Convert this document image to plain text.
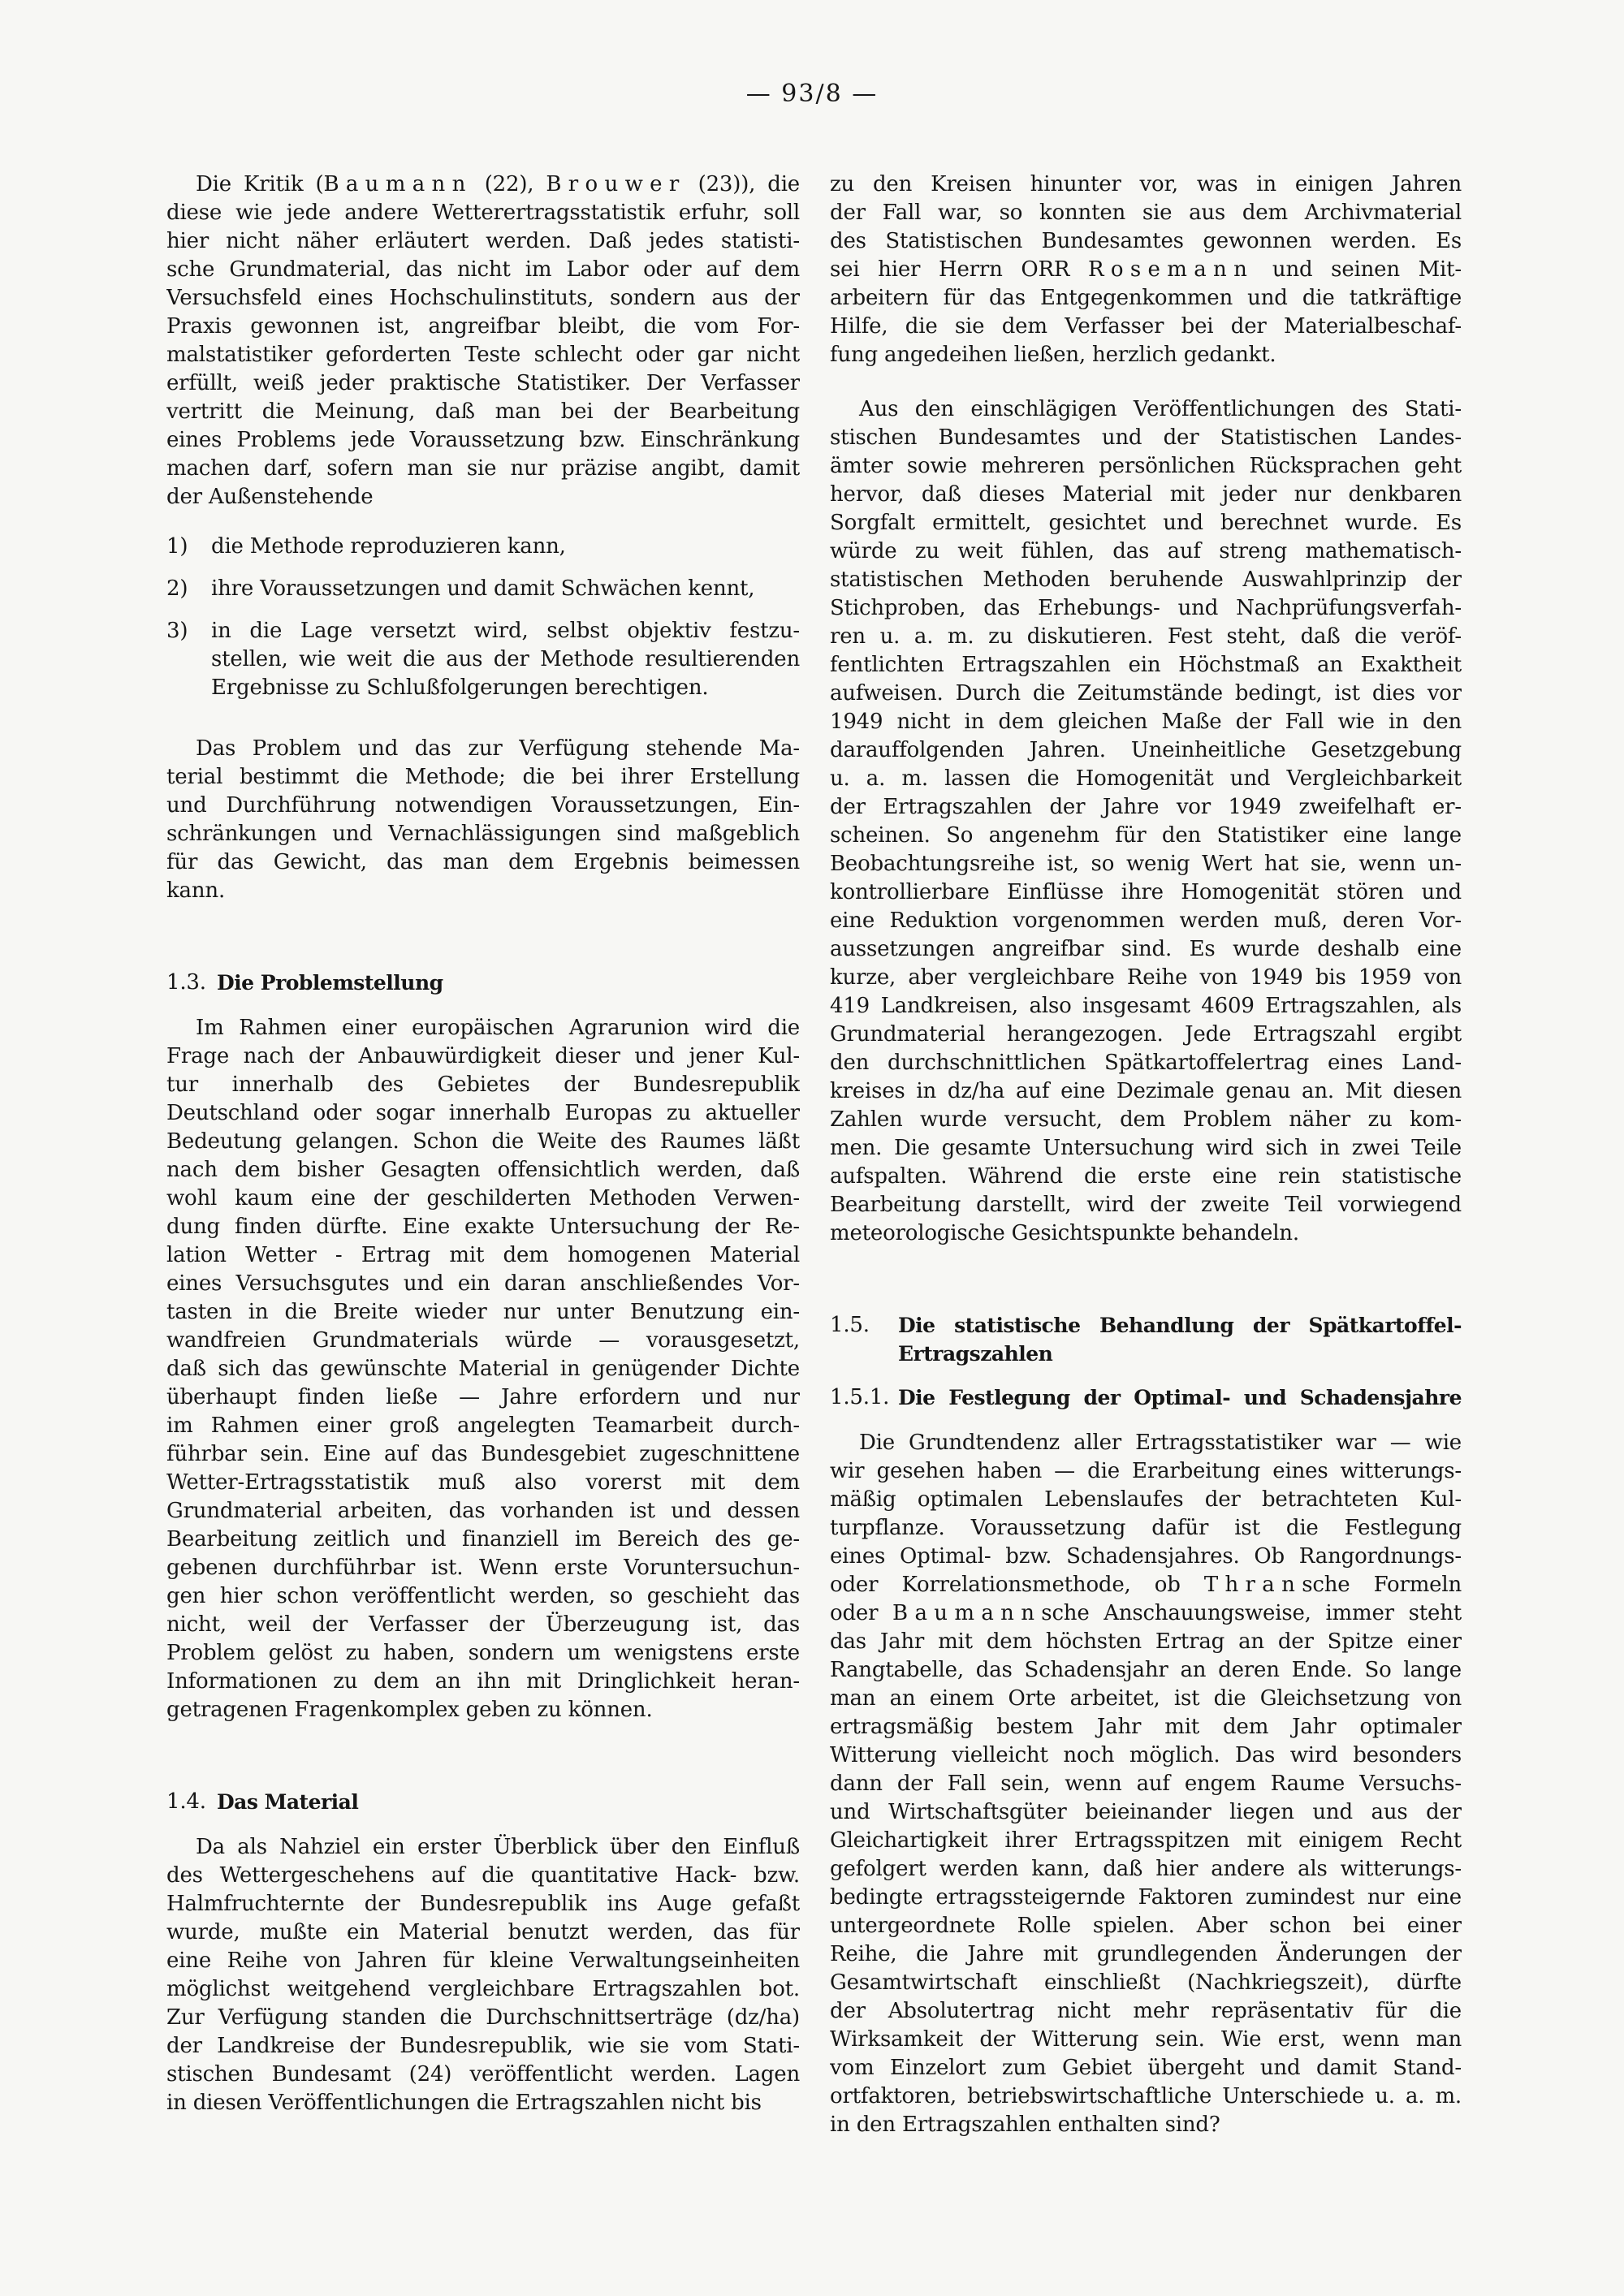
— 93/8 —
Die Kritik (Baumann (22), Brouwer (23)), die
diese wie jede andere Wetterertragsstatistik erfuhr, soll
hier nicht näher erläutert werden. Daß jedes statisti-
sche Grundmaterial, das nicht im Labor oder auf dem
Versuchsfeld eines Hochschulinstituts, sondern aus der
Praxis gewonnen ist, angreifbar bleibt, die vom For-
malstatistiker geforderten Teste schlecht oder gar nicht
erfüllt, weiß jeder praktische Statistiker. Der Verfasser
vertritt die Meinung, daß man bei der Bearbeitung
eines Problems jede Voraussetzung bzw. Einschränkung
machen darf, sofern man sie nur präzise angibt, damit
der Außenstehende
1)	die Methode reproduzieren kann,
2)	ihre Voraussetzungen und damit Schwächen kennt,
3)	in die Lage versetzt wird, selbst objektiv festzu-
stellen, wie weit die aus der Methode resultierenden
Ergebnisse zu Schlußfolgerungen berechtigen.
Das Problem und das zur Verfügung stehende Ma-
terial bestimmt die Methode; die bei ihrer Erstellung
und Durchführung notwendigen Voraussetzungen, Ein-
schränkungen und Vernachlässigungen sind maßgeblich
für das Gewicht, das man dem Ergebnis beimessen
kann.
1.3. Die Problemstellung
Im Rahmen einer europäischen Agrarunion wird die
Frage nach der Anbauwürdigkeit dieser und jener Kul-
tur innerhalb des Gebietes der Bundesrepublik
Deutschland oder sogar innerhalb Europas zu aktueller
Bedeutung gelangen. Schon die Weite des Raumes läßt
nach dem bisher Gesagten offensichtlich werden, daß
wohl kaum eine der geschilderten Methoden Verwen-
dung finden dürfte. Eine exakte Untersuchung der Re-
lation Wetter - Ertrag mit dem homogenen Material
eines Versuchsgutes und ein daran anschließendes Vor-
tasten in die Breite wieder nur unter Benutzung ein-
wandfreien Grundmaterials würde — vorausgesetzt,
daß sich das gewünschte Material in genügender Dichte
überhaupt finden ließe — Jahre erfordern und nur
im Rahmen einer groß angelegten Teamarbeit durch-
führbar sein. Eine auf das Bundesgebiet zugeschnittene
Wetter-Ertragsstatistik muß also vorerst mit dem
Grundmaterial arbeiten, das vorhanden ist und dessen
Bearbeitung zeitlich und finanziell im Bereich des ge-
gebenen durchführbar ist. Wenn erste Voruntersuchun-
gen hier schon veröffentlicht werden, so geschieht das
nicht, weil der Verfasser der Überzeugung ist, das
Problem gelöst zu haben, sondern um wenigstens erste
Informationen zu dem an ihn mit Dringlichkeit heran-
getragenen Fragenkomplex geben zu können.
1.4. Das Material
Da als Nahziel ein erster Überblick über den Einfluß
des Wettergeschehens auf die quantitative Hack- bzw.
Halmfruchternte der Bundesrepublik ins Auge gefaßt
wurde, mußte ein Material benutzt werden, das für
eine Reihe von Jahren für kleine Verwaltungseinheiten
möglichst weitgehend vergleichbare Ertragszahlen bot.
Zur Verfügung standen die Durchschnittserträge (dz/ha)
der Landkreise der Bundesrepublik, wie sie vom Stati-
stischen Bundesamt (24) veröffentlicht werden. Lagen
in diesen Veröffentlichungen die Ertragszahlen nicht bis
zu den Kreisen hinunter vor, was in einigen Jahren
der Fall war, so konnten sie aus dem Archivmaterial
des Statistischen Bundesamtes gewonnen werden. Es
sei hier Herrn ORR Rosemann und seinen Mit-
arbeitern für das Entgegenkommen und die tatkräftige
Hilfe, die sie dem Verfasser bei der Materialbeschaf-
fung angedeihen ließen, herzlich gedankt.
Aus den einschlägigen Veröffentlichungen des Stati-
stischen Bundesamtes und der Statistischen Landes-
ämter sowie mehreren persönlichen Rücksprachen geht
hervor, daß dieses Material mit jeder nur denkbaren
Sorgfalt ermittelt, gesichtet und berechnet wurde. Es
würde zu weit fühlen, das auf streng mathematisch-
statistischen Methoden beruhende Auswahlprinzip der
Stichproben, das Erhebungs- und Nachprüfungsverfah-
ren u. a. m. zu diskutieren. Fest steht, daß die veröf-
fentlichten Ertragszahlen ein Höchstmaß an Exaktheit
aufweisen. Durch die Zeitumstände bedingt, ist dies vor
1949 nicht in dem gleichen Maße der Fall wie in den
darauffolgenden Jahren. Uneinheitliche Gesetzgebung
u. a. m. lassen die Homogenität und Vergleichbarkeit
der Ertragszahlen der Jahre vor 1949 zweifelhaft er-
scheinen. So angenehm für den Statistiker eine lange
Beobachtungsreihe ist, so wenig Wert hat sie, wenn un-
kontrollierbare Einflüsse ihre Homogenität stören und
eine Reduktion vorgenommen werden muß, deren Vor-
aussetzungen angreifbar sind. Es wurde deshalb eine
kurze, aber vergleichbare Reihe von 1949 bis 1959 von
419 Landkreisen, also insgesamt 4609 Ertragszahlen, als
Grundmaterial herangezogen. Jede Ertragszahl ergibt
den durchschnittlichen Spätkartoffelertrag eines Land-
kreises in dz/ha auf eine Dezimale genau an. Mit diesen
Zahlen wurde versucht, dem Problem näher zu kom-
men. Die gesamte Untersuchung wird sich in zwei Teile
aufspalten. Während die erste eine rein statistische
Bearbeitung darstellt, wird der zweite Teil vorwiegend
meteorologische Gesichtspunkte behandeln.
1.5.	Die statistische Behandlung der Spätkartoffel-
Ertragszahlen
1.5.1. Die Festlegung der Optimal- und Schadensjahre
Die Grundtendenz aller Ertragsstatistiker war — wie
wir gesehen haben — die Erarbeitung eines witterungs-
mäßig optimalen Lebenslaufes der betrachteten Kul-
turpflanze. Voraussetzung dafür ist die Festlegung
eines Optimal- bzw. Schadensjahres. Ob Rangordnungs-
oder Korrelationsmethode, ob Thransche Formeln
oder Baumannsche Anschauungsweise, immer steht
das Jahr mit dem höchsten Ertrag an der Spitze einer
Rangtabelle, das Schadensjahr an deren Ende. So lange
man an einem Orte arbeitet, ist die Gleichsetzung von
ertragsmäßig bestem Jahr mit dem Jahr optimaler
Witterung vielleicht noch möglich. Das wird besonders
dann der Fall sein, wenn auf engem Raume Versuchs-
und Wirtschaftsgüter beieinander liegen und aus der
Gleichartigkeit ihrer Ertragsspitzen mit einigem Recht
gefolgert werden kann, daß hier andere als witterungs-
bedingte ertragssteigernde Faktoren zumindest nur eine
untergeordnete Rolle spielen. Aber schon bei einer
Reihe, die Jahre mit grundlegenden Änderungen der
Gesamtwirtschaft einschließt (Nachkriegszeit), dürfte
der Absolutertrag nicht mehr repräsentativ für die
Wirksamkeit der Witterung sein. Wie erst, wenn man
vom Einzelort zum Gebiet übergeht und damit Stand-
ortfaktoren, betriebswirtschaftliche Unterschiede u. a. m.
in den Ertragszahlen enthalten sind?
